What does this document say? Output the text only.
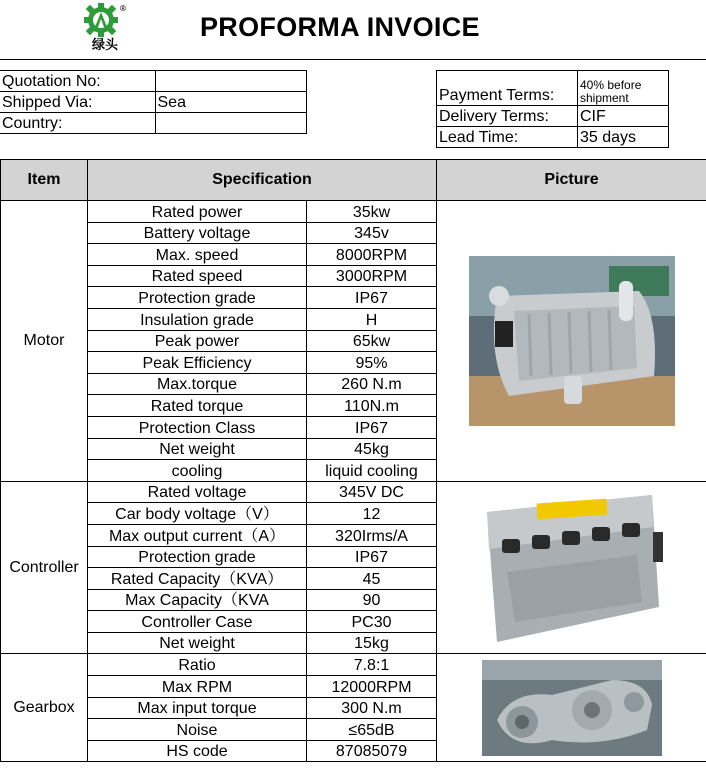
®
绿头
PROFORMA INVOICE
Quotation No:	
Shipped Via:	Sea
Country:	
Payment Terms:	40% before shipment
Delivery Terms:	CIF
Lead Time:	35 days
Item	Specification		Picture
Motor	Rated power	35kw	

	Battery voltage	345v	
	Max. speed	8000RPM	
	Rated speed	3000RPM	
	Protection grade	IP67	
	Insulation grade	H	
	Peak power	65kw	
	Peak Efficiency	95%	
	Max.torque	260 N.m	
	Rated torque	110N.m	
	Protection Class	IP67	
	Net weight	45kg	
	cooling	liquid cooling	
Controller	Rated voltage	345V DC	

	Car body voltage（V）	12	
	Max output current（A）	320Irms/A	
	Protection grade	IP67	
	Rated Capacity（KVA）	45	
	Max Capacity（KVA	90	
	Controller Case	PC30	
	Net weight	15kg	
Gearbox	Ratio	7.8:1	

	Max RPM	12000RPM	
	Max input torque	300 N.m	
	Noise	≤65dB	
	HS code	87085079	
